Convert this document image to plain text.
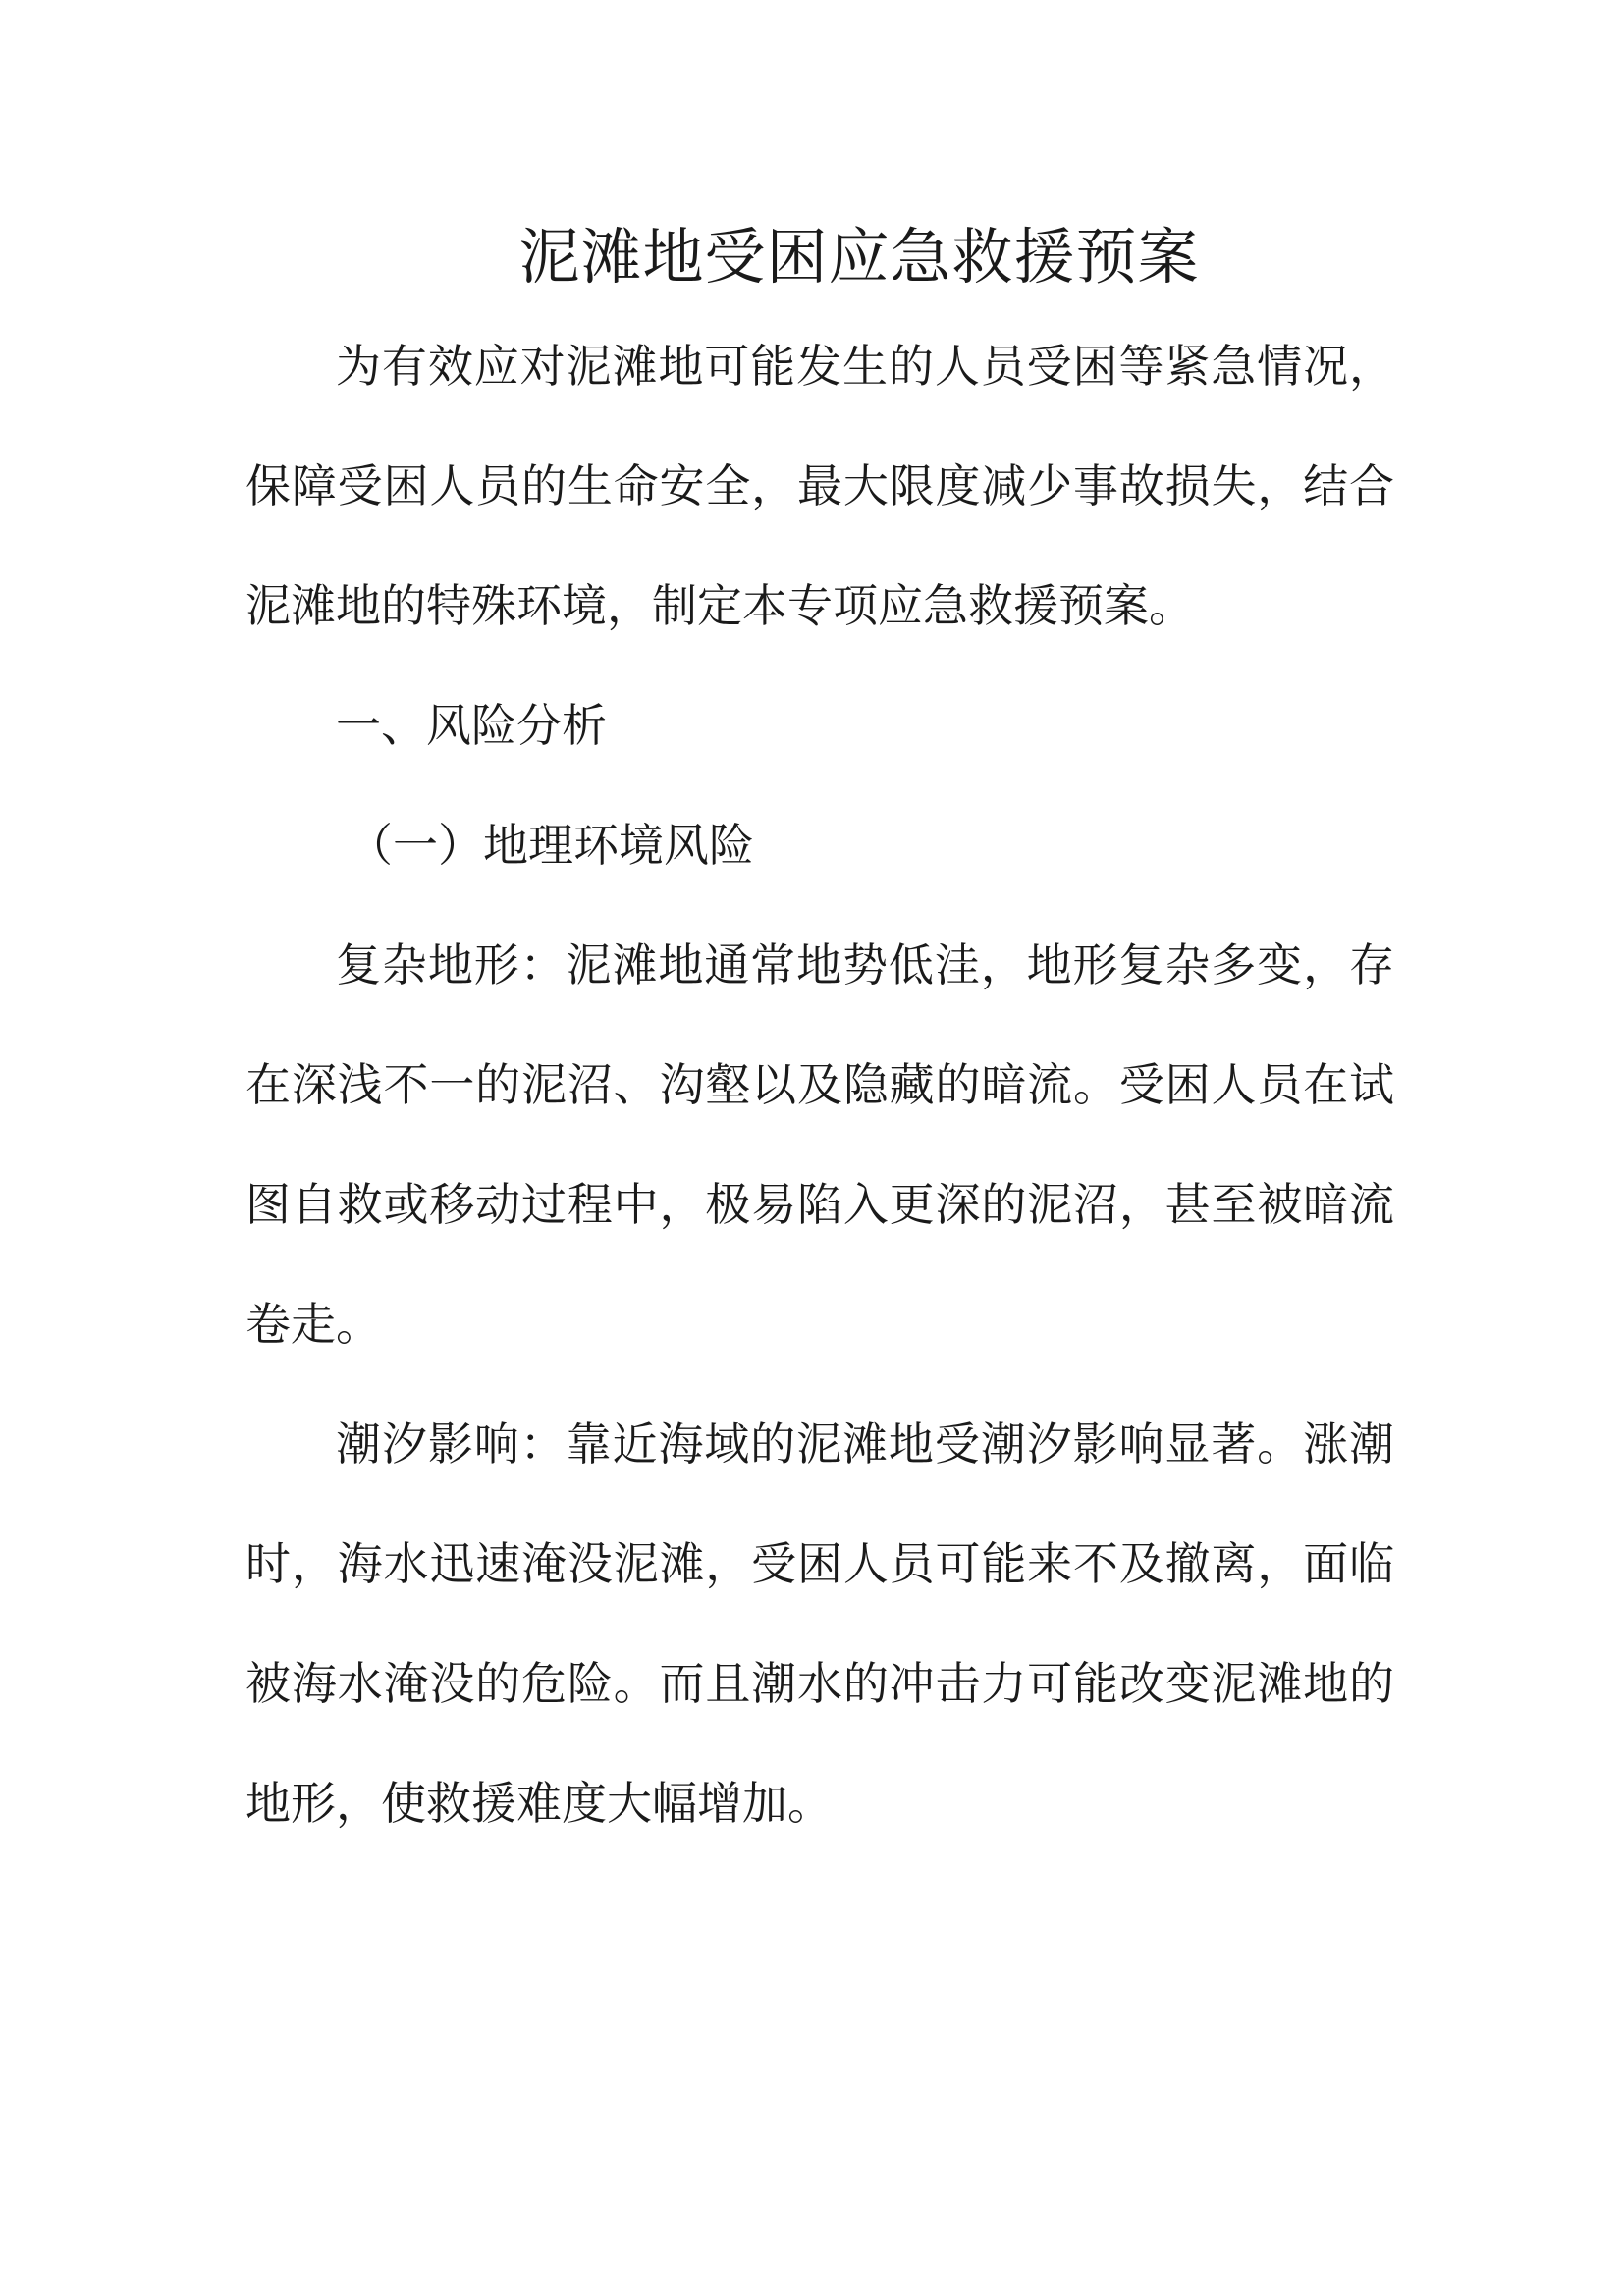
泥滩地受困应急救援预案

为有效应对泥滩地可能发生的人员受困等紧急情况，保障受困人员的生命安全，最大限度减少事故损失，结合泥滩地的特殊环境，制定本专项应急救援预案。

一、风险分析

（一）地理环境风险

复杂地形：泥滩地通常地势低洼，地形复杂多变，存在深浅不一的泥沼、沟壑以及隐藏的暗流。受困人员在试图自救或移动过程中，极易陷入更深的泥沼，甚至被暗流卷走。

潮汐影响：靠近海域的泥滩地受潮汐影响显著。涨潮时，海水迅速淹没泥滩，受困人员可能来不及撤离，面临被海水淹没的危险。而且潮水的冲击力可能改变泥滩地的地形，使救援难度大幅增加。
